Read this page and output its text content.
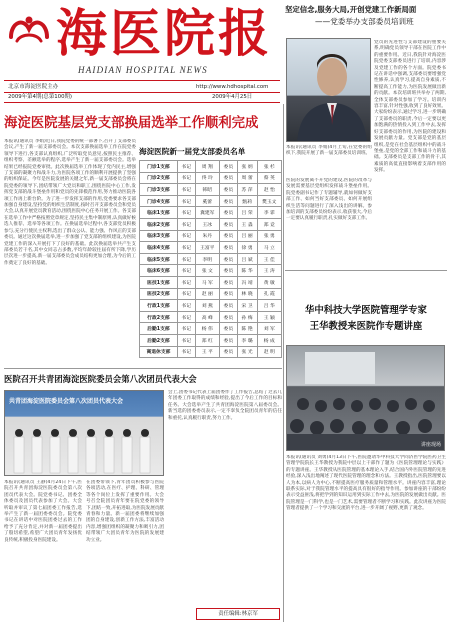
海医院报
HAIDIAN HOSPITAL NEWS
北京市海淀医院主办	http://www.hdhospital.com
2009年第4期(总第100期)	2009年4月25日
坚定信念,服务大局,开创党建工作新局面
——党委举办支部委员培训班
党员的先进性与支部建设的重要关系,明确党员领导干部在医院工作中的重要作用。近日,我院针对海淀医院党委支部委员进行了培训,内容涉及党建工作的各个方面。院党委书记在讲话中强调,支部委员要增强党性修养,认真学习,提高自身素质,不断提高工作能力,为医院发展做出新的贡献。本次培训班共举办了两期,全体支部委员参加了学习。培训内容丰富,针对性强,收到了良好效果。大家纷纷表示,通过学习,进一步明确了支部委员的职责,今后一定要以更加饱满的热情投入到工作中去,发挥好支部委员的作用,为医院的建设和发展贡献力量。党支部是党的基层组织,是党在社会基层组织中的战斗堡垒,是党的全部工作和战斗力的基础。支部委员是支部工作的骨干,其素质的高低直接影响着支部作用的发挥。
本报讯(通讯员 李娟)4月上旬,在党委的组织下,我院开展了新一届支部委员培训班。
医院的发展离不开党的建设,医院的改革与发展需要基层党组织发挥战斗堡垒作用。院党委副书记作了专题辅导,就如何做好支部工作、如何当好支部委员、如何开展组织生活等问题进行了深入浅出的讲解。参加培训的支部委员纷纷表示,收获很大,今后一定要认真履行职责,扎实做好支部工作。
华中科技大学医院管理学专家
王华教授来医院作专题讲座
讲座现场
本报讯(通讯员 刘勇)4月13日下午,医院邀请华中科技大学同济医学院医药卫生管理学院院长王华教授为我院中层以上干部作了题为《医院管理理论与实践》的专题讲座。王华教授从医院管理的基本理论入手,结合国内外医院管理的先进经验,深入浅出地阐述了现代医院管理的理念和方法。王教授指出,医院管理要以人为本,以病人为中心,不断提高医疗服务质量和管理水平。讲座内容丰富,理论联系实际,对于我院管理水平的提高具有很好的指导作用。参加讲座的干部纷纷表示受益匪浅,将把学到的知识运用到实际工作中去,为医院的发展做出贡献。医院管理是一门科学,也是一门艺术,需要管理者不断学习和实践。此次讲座为医院管理者提供了一个学习和交流的平台,进一步开阔了视野,更新了观念。
海淀医院基层党支部换届选举工作顺利完成
本报讯(通讯员 李娟)近日,我院党委的统一部署下,召开了支部委员会议,产生了新一届支部委员会。本次支部换届选举工作在院党委领导下进行,各支部认真组织,广泛听取党员意见,按照民主推荐、组织考察、差额选举的程序,选举产生了新一届支部委员会。选举结果已经报院党委审批。此次换届选举工作体现了党内民主,增强了支部的凝聚力和战斗力,为医院各项工作的顺利开展提供了坚强的组织保证。今年是医院发展的关键之年,新一届支部委员会将在院党委的领导下,团结带领广大党员和职工,围绕医院中心工作,发挥党支部的战斗堡垒作用和党员的先锋模范作用,努力推动医院各项工作再上新台阶。为了进一步发挥支部的作用,党委要求各支部加强自身建设,坚持党的组织生活制度,按时召开支部委员会和党员大会,认真开展党员教育活动,围绕医院中心任务开展工作。各支部在选举工作中严格按照党章规定,坚持民主集中制原则,认真做好候选人推荐、选举等各项工作。在换届选举过程中,各支部党员积极参与,充分行使民主权利,选出了群众公认、能力强、作风正的支部委员。通过这次换届选举,进一步加强了党支部的组织建设,为医院党建工作的深入开展打下了良好的基础。此次换届选举共产生支部委员若干名,其中女同志占多数,平均年龄较往届有所下降,学历层次进一步提高,新一届支部委员会成员结构更加合理,为今后的工作奠定了良好的基础。
海淀医院新一届党支部委员名单
门诊1支部	书记	周 翔	委员	张 炳	张 杉
门诊2支部	书记	佟 玲	委员	周 蕾	蔡 英
门诊3支部	书记	韩昭	委员	苏 萍	赵 怡
门诊4支部	书记	奚蕾	委员	甄莉	樊玉文
临床1支部	书记	冀建军	委员	吕 荣	李 霏
临床2支部	书记	王冰	委员	王 淼	郑 竞
临床3支部	书记	朱丹	委员	吕 丽	张 勇
临床4支部	书记	王富平	委员	徐 勇	马 立
临床5支部	书记	李明	委员	吕 斌	王 佳
临床6支部	书记	张 文	委员	陈 华	王 涛
医技1支部	书记	马 军	委员	冯 靖	黄 敏
医技2支部	书记	赵 丽	委员	林 晓	孔 霞
行政1支部	书记	刘 燕	委员	宋 卫	吕 华
行政2支部	书记	高 峰	委员	孙 梅	王 颖
后勤1支部	书记	杨 伟	委员	陈 艳	刘 军
后勤2支部	书记	郑 红	委员	李 璐	杨 成
离退休支部	书记	王 平	委员	张 光	赵 明
医院召开共青团海淀医院委员会第八次团员代表大会
共青团海淀医院委员会第八次团员代表大会
本报讯(通讯员 王静)4月24日下午,医院召开共青团海淀医院委员会第八次团员代表大会。院党委书记、团委全体委员及团员代表参加了大会。大会听取并审议了第七届团委工作报告,选举产生了新一届团委委员会。院党委书记在讲话中对医院团委过去的工作给予了充分肯定,并对新一届团委提出了殷切希望,希望广大团员青年发扬优良传统,积极投身医院建设。
在团委带领下,青年团员积极参与医院各项活动,在医疗、护理、科研、管理等各个岗位上发挥了重要作用。大会号召全院团员青年要在院党委的领导下,团结一致,开拓进取,为医院发展贡献青春和力量。新一届团委将继续加强团的自身建设,创新工作方法,丰富活动内容,增强团组织的凝聚力和吸引力,团结带领广大团员青年为医院的发展建功立业。
会上,团委书记代表上届团委作了工作报告,总结了过去几年团委工作取得的成绩和经验,提出了今后工作的目标和任务。大会选举产生了共青团海淀医院第八届委员会。新当选的团委委员表示,一定不辜负全院团员青年的信任和重托,认真履行职责,努力工作。
责任编辑:林京军
